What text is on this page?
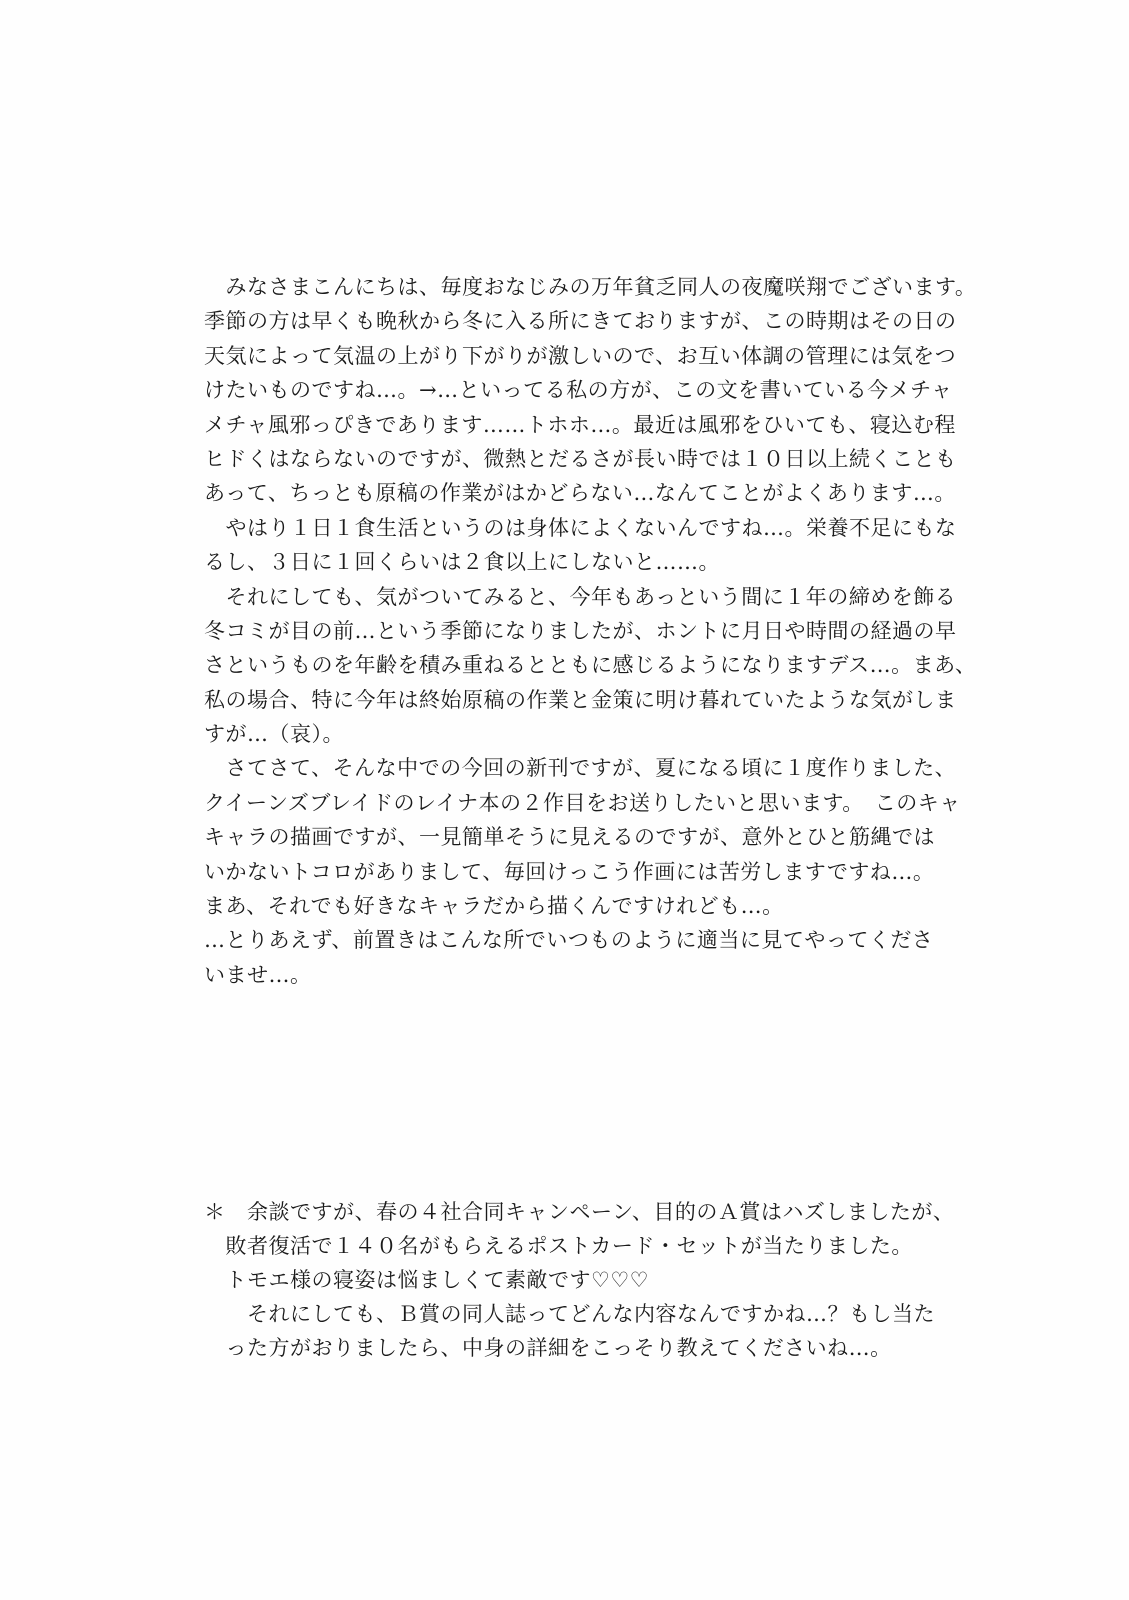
　みなさまこんにちは、毎度おなじみの万年貧乏同人の夜魔咲翔でございます。
季節の方は早くも晩秋から冬に入る所にきておりますが、この時期はその日の
天気によって気温の上がり下がりが激しいので、お互い体調の管理には気をつ
けたいものですね…。→…といってる私の方が、この文を書いている今メチャ
メチャ風邪っぴきであります……トホホ…。最近は風邪をひいても、寝込む程
ヒドくはならないのですが、微熱とだるさが長い時では１０日以上続くことも
あって、ちっとも原稿の作業がはかどらない…なんてことがよくあります…。
　やはり１日１食生活というのは身体によくないんですね…。栄養不足にもな
るし、３日に１回くらいは２食以上にしないと……。
　それにしても、気がついてみると、今年もあっという間に１年の締めを飾る
冬コミが目の前…という季節になりましたが、ホントに月日や時間の経過の早
さというものを年齢を積み重ねるとともに感じるようになりますデス…。まあ、
私の場合、特に今年は終始原稿の作業と金策に明け暮れていたような気がしま
すが…（哀）。
　さてさて、そんな中での今回の新刊ですが、夏になる頃に１度作りました、
クイーンズブレイドのレイナ本の２作目をお送りしたいと思います。　このキャ
キャラの描画ですが、一見簡単そうに見えるのですが、意外とひと筋縄では
いかないトコロがありまして、毎回けっこう作画には苦労しますですね…。
まあ、それでも好きなキャラだから描くんですけれども…。
…とりあえず、前置きはこんな所でいつものように適当に見てやってくださ
いませ…。
＊　余談ですが、春の４社合同キャンペーン、目的のＡ賞はハズしましたが、
　敗者復活で１４０名がもらえるポストカード・セットが当たりました。
　トモエ様の寝姿は悩ましくて素敵です♡♡♡
　　それにしても、Ｂ賞の同人誌ってどんな内容なんですかね…？もし当た
　った方がおりましたら、中身の詳細をこっそり教えてくださいね…。
